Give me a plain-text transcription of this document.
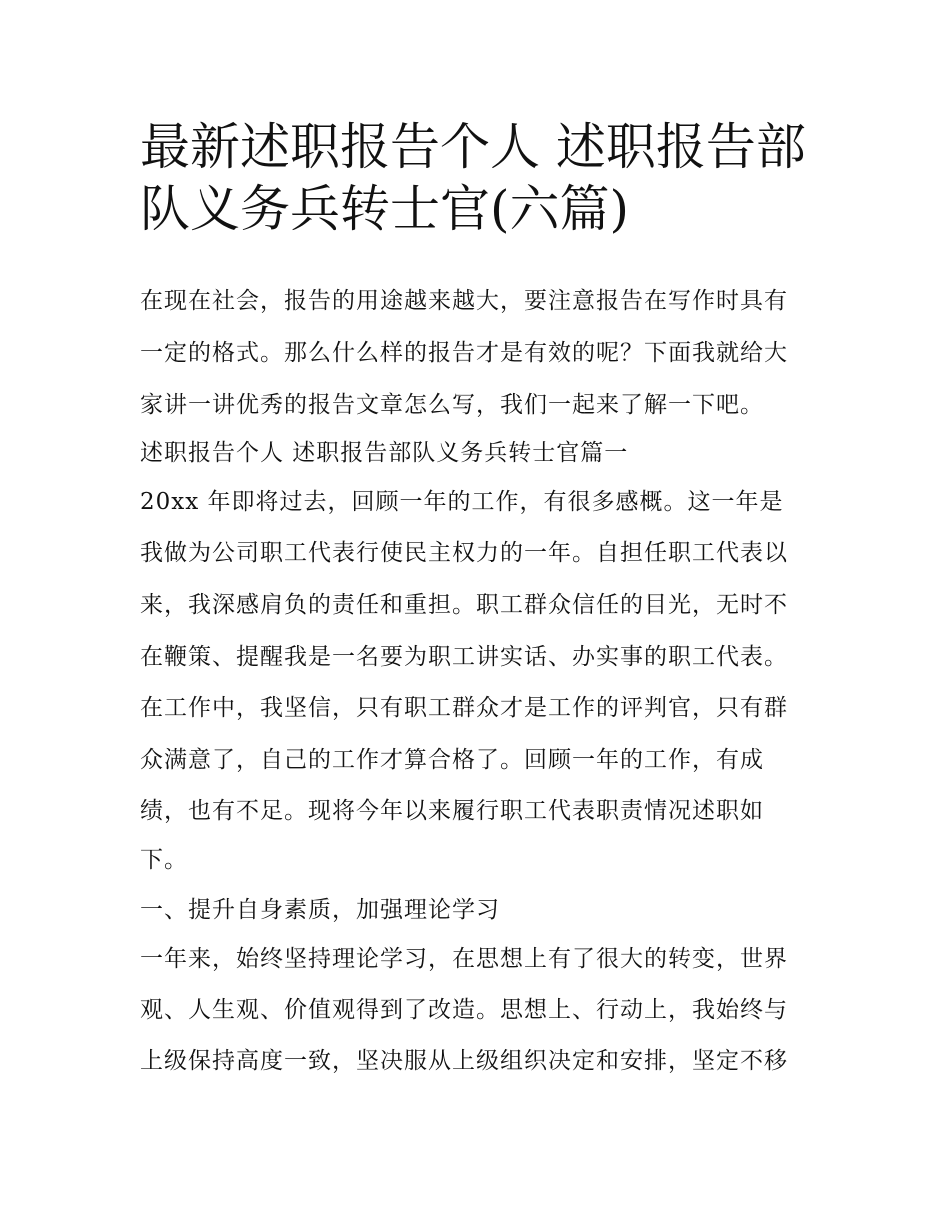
最新述职报告个人 述职报告部
队义务兵转士官(六篇)
在现在社会，报告的用途越来越大，要注意报告在写作时具有
一定的格式。那么什么样的报告才是有效的呢？下面我就给大
家讲一讲优秀的报告文章怎么写，我们一起来了解一下吧。
述职报告个人 述职报告部队义务兵转士官篇一
20xx 年即将过去，回顾一年的工作，有很多感概。这一年是
我做为公司职工代表行使民主权力的一年。自担任职工代表以
来，我深感肩负的责任和重担。职工群众信任的目光，无时不
在鞭策、提醒我是一名要为职工讲实话、办实事的职工代表。
在工作中，我坚信，只有职工群众才是工作的评判官，只有群
众满意了，自己的工作才算合格了。回顾一年的工作，有成
绩，也有不足。现将今年以来履行职工代表职责情况述职如
下。
一、提升自身素质，加强理论学习
一年来，始终坚持理论学习，在思想上有了很大的转变，世界
观、人生观、价值观得到了改造。思想上、行动上，我始终与
上级保持高度一致，坚决服从上级组织决定和安排，坚定不移
